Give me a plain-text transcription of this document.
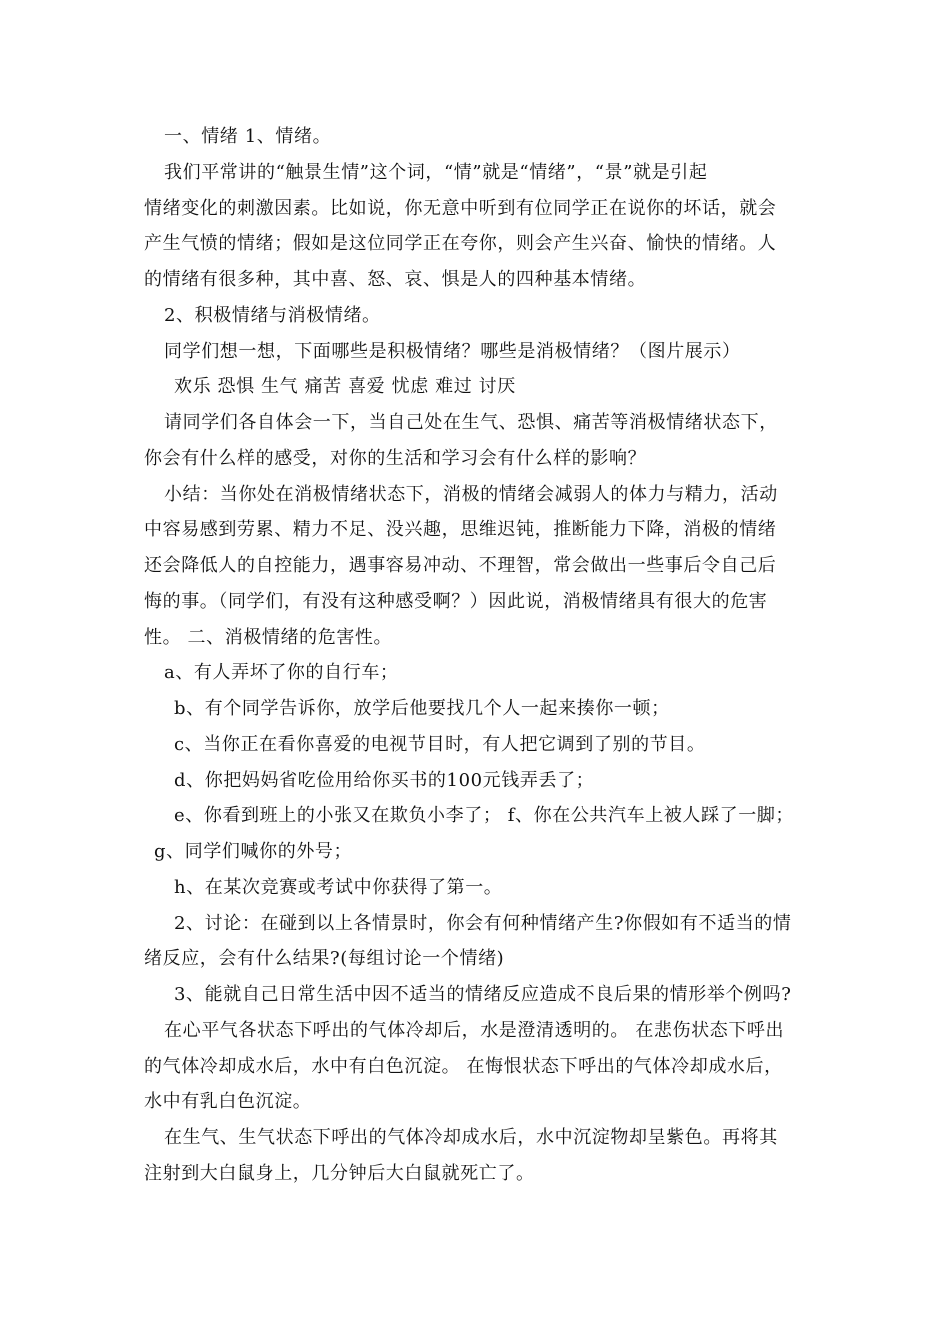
一、情绪 1、情绪。
我们平常讲的“触景生情”这个词，“情”就是“情绪”，“景”就是引起
情绪变化的刺激因素。比如说，你无意中听到有位同学正在说你的坏话，就会
产生气愤的情绪；假如是这位同学正在夸你，则会产生兴奋、愉快的情绪。人
的情绪有很多种，其中喜、怒、哀、惧是人的四种基本情绪。
2、积极情绪与消极情绪。
同学们想一想，下面哪些是积极情绪？哪些是消极情绪？（图片展示）
欢乐 恐惧 生气 痛苦 喜爱 忧虑 难过 讨厌
请同学们各自体会一下，当自己处在生气、恐惧、痛苦等消极情绪状态下，
你会有什么样的感受，对你的生活和学习会有什么样的影响？
小结：当你处在消极情绪状态下，消极的情绪会减弱人的体力与精力，活动
中容易感到劳累、精力不足、没兴趣，思维迟钝，推断能力下降，消极的情绪
还会降低人的自控能力，遇事容易冲动、不理智，常会做出一些事后令自己后
悔的事。（同学们，有没有这种感受啊？）因此说，消极情绪具有很大的危害
性。 二、消极情绪的危害性。
a、有人弄坏了你的自行车；
b、有个同学告诉你，放学后他要找几个人一起来揍你一顿；
c、当你正在看你喜爱的电视节目时，有人把它调到了别的节目。
d、你把妈妈省吃俭用给你买书的100元钱弄丢了；
e、你看到班上的小张又在欺负小李了； f、你在公共汽车上被人踩了一脚；
g、同学们喊你的外号；
h、在某次竞赛或考试中你获得了第一。
2、讨论：在碰到以上各情景时，你会有何种情绪产生?你假如有不适当的情
绪反应，会有什么结果?(每组讨论一个情绪)
3、能就自己日常生活中因不适当的情绪反应造成不良后果的情形举个例吗?
在心平气各状态下呼出的气体冷却后，水是澄清透明的。 在悲伤状态下呼出
的气体冷却成水后，水中有白色沉淀。 在悔恨状态下呼出的气体冷却成水后，
水中有乳白色沉淀。
在生气、生气状态下呼出的气体冷却成水后，水中沉淀物却呈紫色。再将其
注射到大白鼠身上，几分钟后大白鼠就死亡了。
